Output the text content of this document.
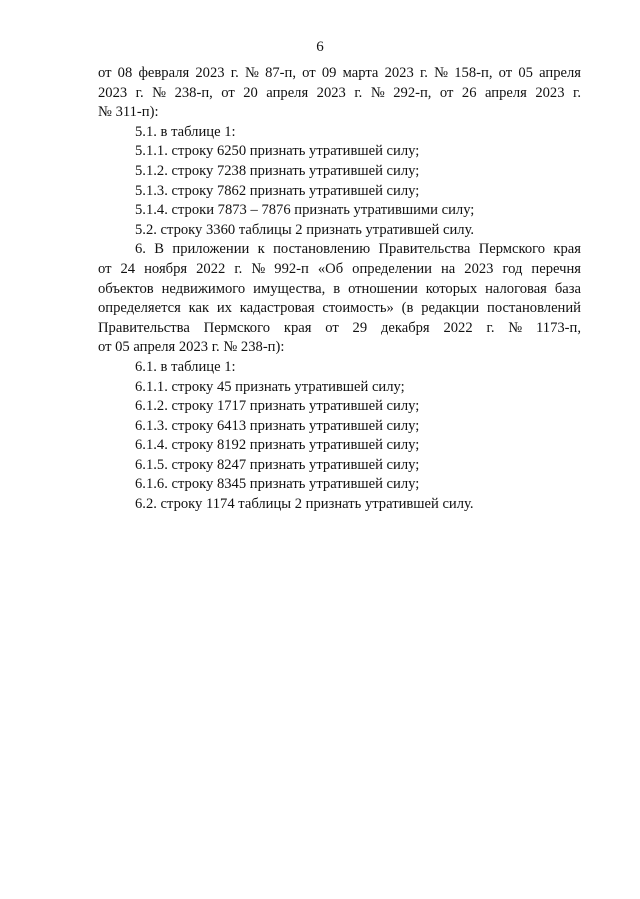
6
от 08 февраля 2023 г. № 87-п, от 09 марта 2023 г. № 158-п, от 05 апреля
2023 г. № 238-п, от 20 апреля 2023 г. № 292-п, от 26 апреля 2023 г.
№ 311-п):
5.1. в таблице 1:
5.1.1. строку 6250 признать утратившей силу;
5.1.2. строку 7238 признать утратившей силу;
5.1.3. строку 7862 признать утратившей силу;
5.1.4. строки 7873 – 7876 признать утратившими силу;
5.2. строку 3360 таблицы 2 признать утратившей силу.
6. В приложении к постановлению Правительства Пермского края
от 24 ноября 2022 г. № 992-п «Об определении на 2023 год перечня
объектов недвижимого имущества, в отношении которых налоговая база
определяется как их кадастровая стоимость» (в редакции постановлений
Правительства Пермского края от 29 декабря 2022 г. № 1173-п,
от 05 апреля 2023 г. № 238-п):
6.1. в таблице 1:
6.1.1. строку 45 признать утратившей силу;
6.1.2. строку 1717 признать утратившей силу;
6.1.3. строку 6413 признать утратившей силу;
6.1.4. строку 8192 признать утратившей силу;
6.1.5. строку 8247 признать утратившей силу;
6.1.6. строку 8345 признать утратившей силу;
6.2. строку 1174 таблицы 2 признать утратившей силу.
